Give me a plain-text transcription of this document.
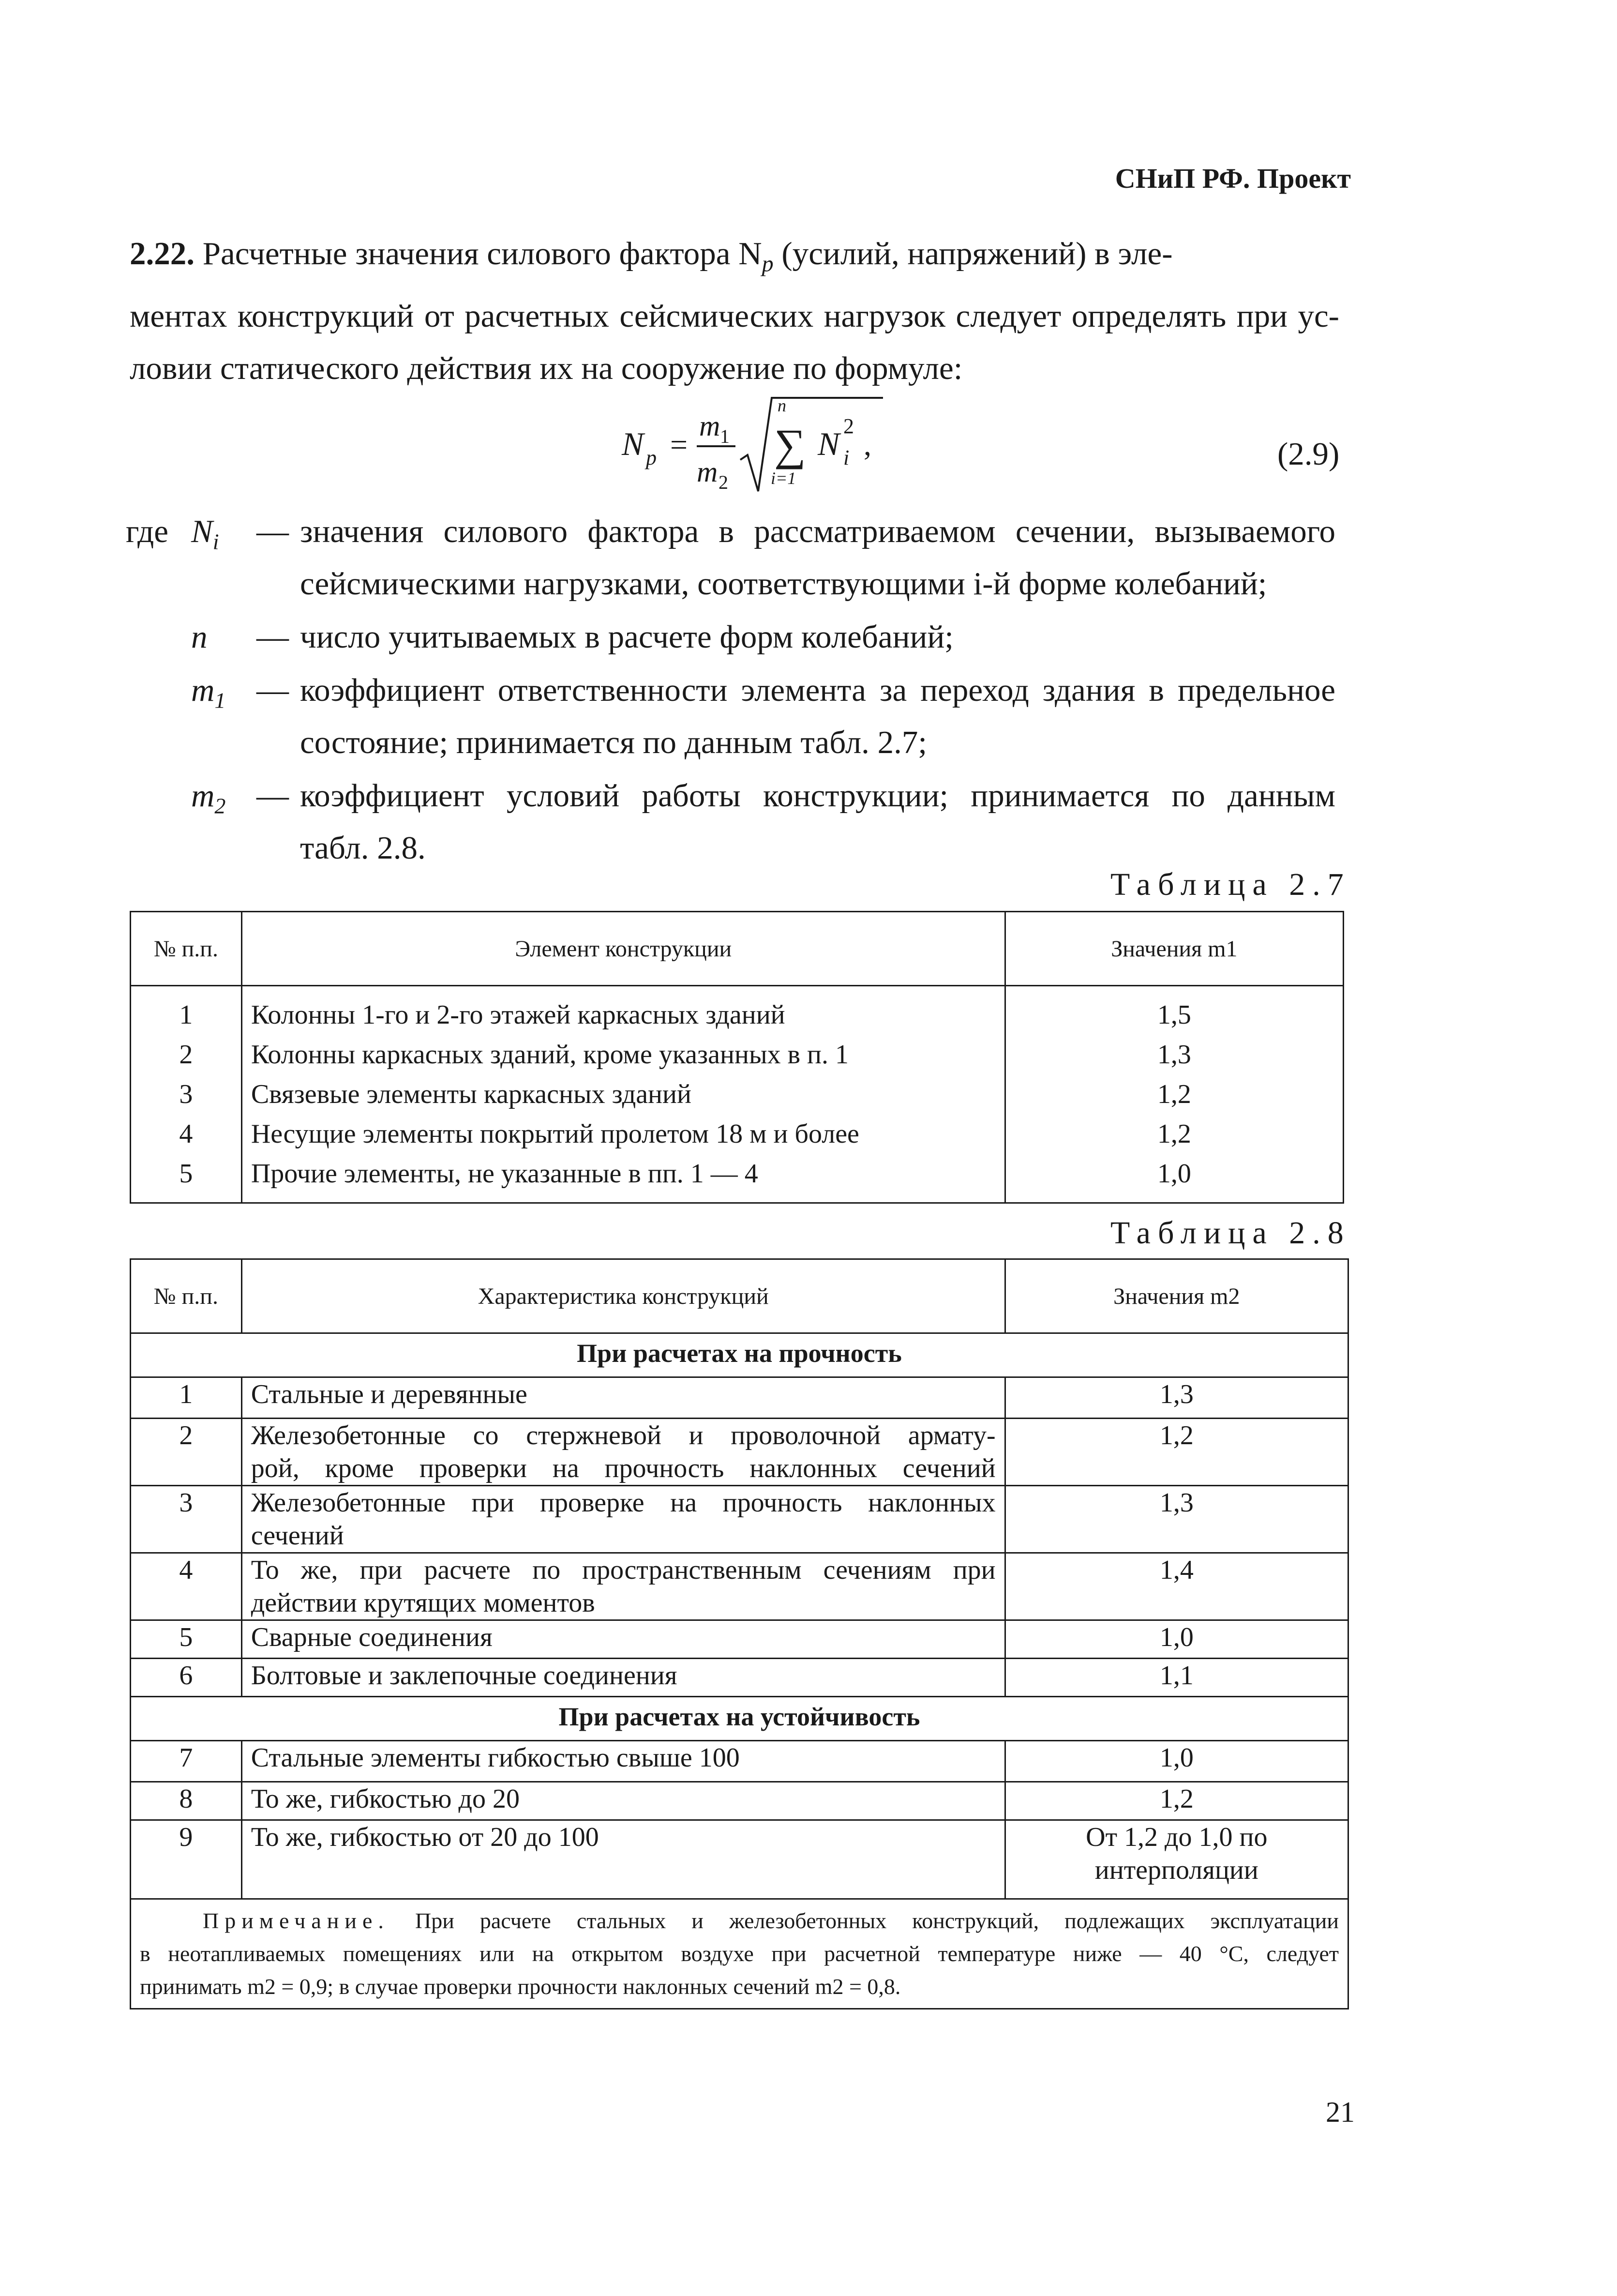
СНиП РФ. Проект

2.22. Расчетные значения силового фактора $N_p$ (усилий, напряжений) в эле-

ментах конструкций от расчетных сейсмических нагрузок следует определять при ус-

ловии статического действия их на сооружение по формуле:

N p =
m 1
m 2
n
∑
i=1
N i
2
,	(2.9)
где $N_i$ — значения силового фактора в рассматриваемом сечении, вызываемого
сейсмическими нагрузками, соответствующими i-й форме колебаний;
n — число учитываемых в расчете форм колебаний;
$m_1$ — коэффициент ответственности элемента за переход здания в предельное
состояние; принимается по данным табл. 2.7;
$m_2$ — коэффициент условий работы конструкции; принимается по данным
табл. 2.8.
Таблица 2.7
№ п.п.	Элемент конструкции	Значения m1
1	Колонны 1-го и 2-го этажей каркасных зданий	1,5
2	Колонны каркасных зданий, кроме указанных в п. 1	1,3
3	Связевые элементы каркасных зданий	1,2
4	Несущие элементы покрытий пролетом 18 м и более	1,2
5	Прочие элементы, не указанные в пп. 1 — 4	1,0
Таблица 2.8
№ п.п.	Характеристика конструкций	Значения m2
При расчетах на прочность		
1	Стальные и деревянные	1,3
2	Железобетонные со стержневой и проволочной армату-
рой, кроме проверки на прочность наклонных сечений	1,2
3	Железобетонные при проверке на прочность наклонных
сечений	1,3
4	То же, при расчете по пространственным сечениям при
действии крутящих моментов	1,4
5	Сварные соединения	1,0
6	Болтовые и заклепочные соединения	1,1
При расчетах на устойчивость		
7	Стальные элементы гибкостью свыше 100	1,0
8	То же, гибкостью до 20	1,2
9	То же, гибкостью от 20 до 100	От 1,2 до 1,0 по
интерполяции

Примечание. При расчете стальных и железобетонных конструкций, подлежащих эксплуатации
в неотапливаемых помещениях или на открытом воздухе при расчетной температуре ниже — 40 °С, следует
принимать m2 = 0,9; в случае проверки прочности наклонных сечений m2 = 0,8.		
21
